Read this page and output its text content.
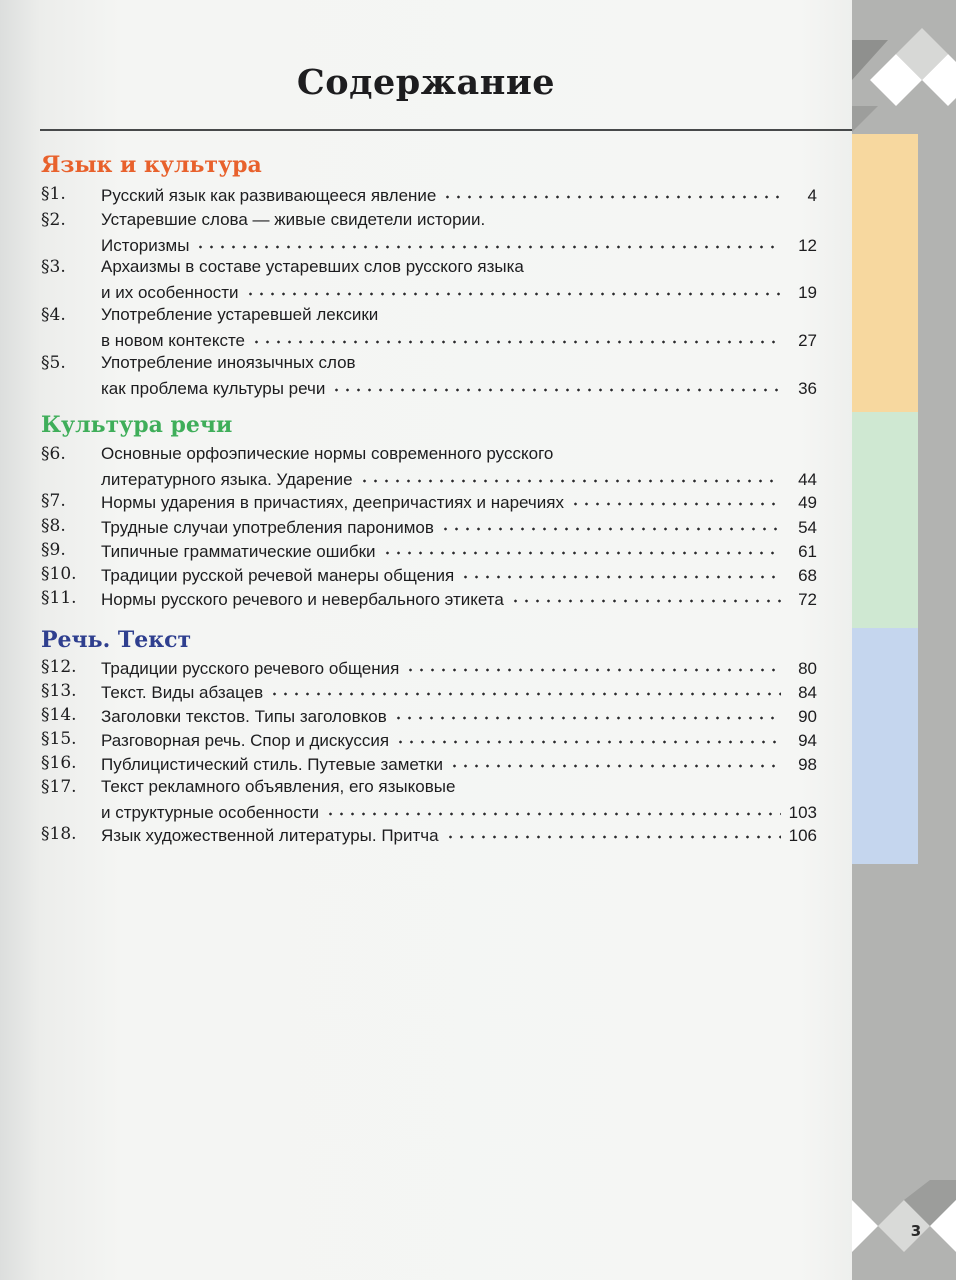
Содержание
Язык и культура
§1. Русский язык как развивающееся явление	4
§2. Устаревшие слова — живые свидетели истории.
Историзмы	12
§3. Архаизмы в составе устаревших слов русского языка
и их особенности	19
§4. Употребление устаревшей лексики
в новом контексте	27
§5. Употребление иноязычных слов
как проблема культуры речи	36
Культура речи
§6. Основные орфоэпические нормы современного русского
литературного языка. Ударение	44
§7. Нормы ударения в причастиях, деепричастиях и наречиях	49
§8. Трудные случаи употребления паронимов	54
§9. Типичные грамматические ошибки	61
§10. Традиции русской речевой манеры общения	68
§11. Нормы русского речевого и невербального этикета	72
Речь. Текст
§12. Традиции русского речевого общения	80
§13. Текст. Виды абзацев	84
§14. Заголовки текстов. Типы заголовков	90
§15. Разговорная речь. Спор и дискуссия	94
§16. Публицистический стиль. Путевые заметки	98
§17. Текст рекламного объявления, его языковые
и структурные особенности	103
§18. Язык художественной литературы. Притча	106
3
